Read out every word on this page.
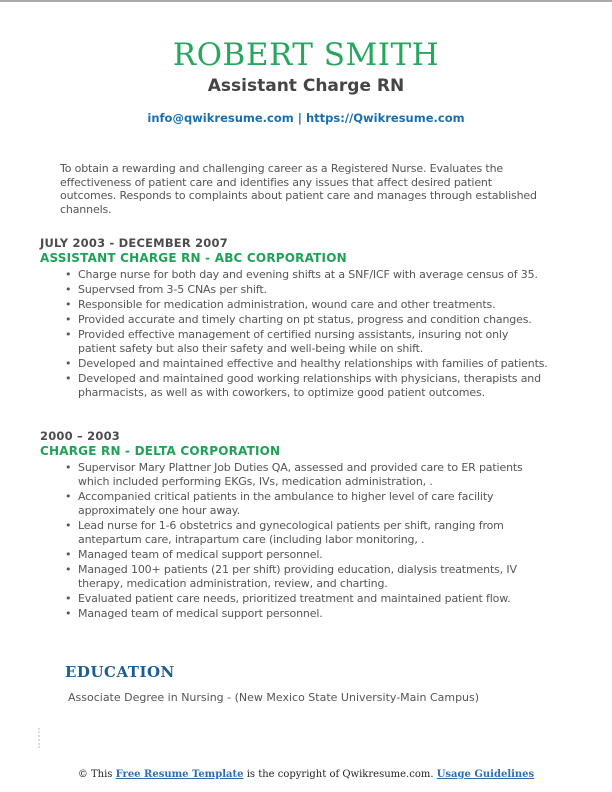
ROBERT SMITH
Assistant Charge RN
info@qwikresume.com | https://Qwikresume.com

To obtain a rewarding and challenging career as a Registered Nurse. Evaluates the effectiveness of patient care and identifies any issues that affect desired patient outcomes. Responds to complaints about patient care and manages through established channels.

JULY 2003 - DECEMBER 2007
ASSISTANT CHARGE RN - ABC CORPORATION
• Charge nurse for both day and evening shifts at a SNF/ICF with average census of 35.
• Supervsed from 3-5 CNAs per shift.
• Responsible for medication administration, wound care and other treatments.
• Provided accurate and timely charting on pt status, progress and condition changes.
• Provided effective management of certified nursing assistants, insuring not only patient safety but also their safety and well-being while on shift.
• Developed and maintained effective and healthy relationships with families of patients.
• Developed and maintained good working relationships with physicians, therapists and pharmacists, as well as with coworkers, to optimize good patient outcomes.
2000 – 2003
CHARGE RN - DELTA CORPORATION
• Supervisor Mary Plattner Job Duties QA, assessed and provided care to ER patients which included performing EKGs, IVs, medication administration, .
• Accompanied critical patients in the ambulance to higher level of care facility approximately one hour away.
• Lead nurse for 1-6 obstetrics and gynecological patients per shift, ranging from antepartum care, intrapartum care (including labor monitoring, .
• Managed team of medical support personnel.
• Managed 100+ patients (21 per shift) providing education, dialysis treatments, IV therapy, medication administration, review, and charting.
• Evaluated patient care needs, prioritized treatment and maintained patient flow.
• Managed team of medical support personnel.
EDUCATION
Associate Degree in Nursing - (New Mexico State University-Main Campus)
© This Free Resume Template is the copyright of Qwikresume.com. Usage Guidelines
